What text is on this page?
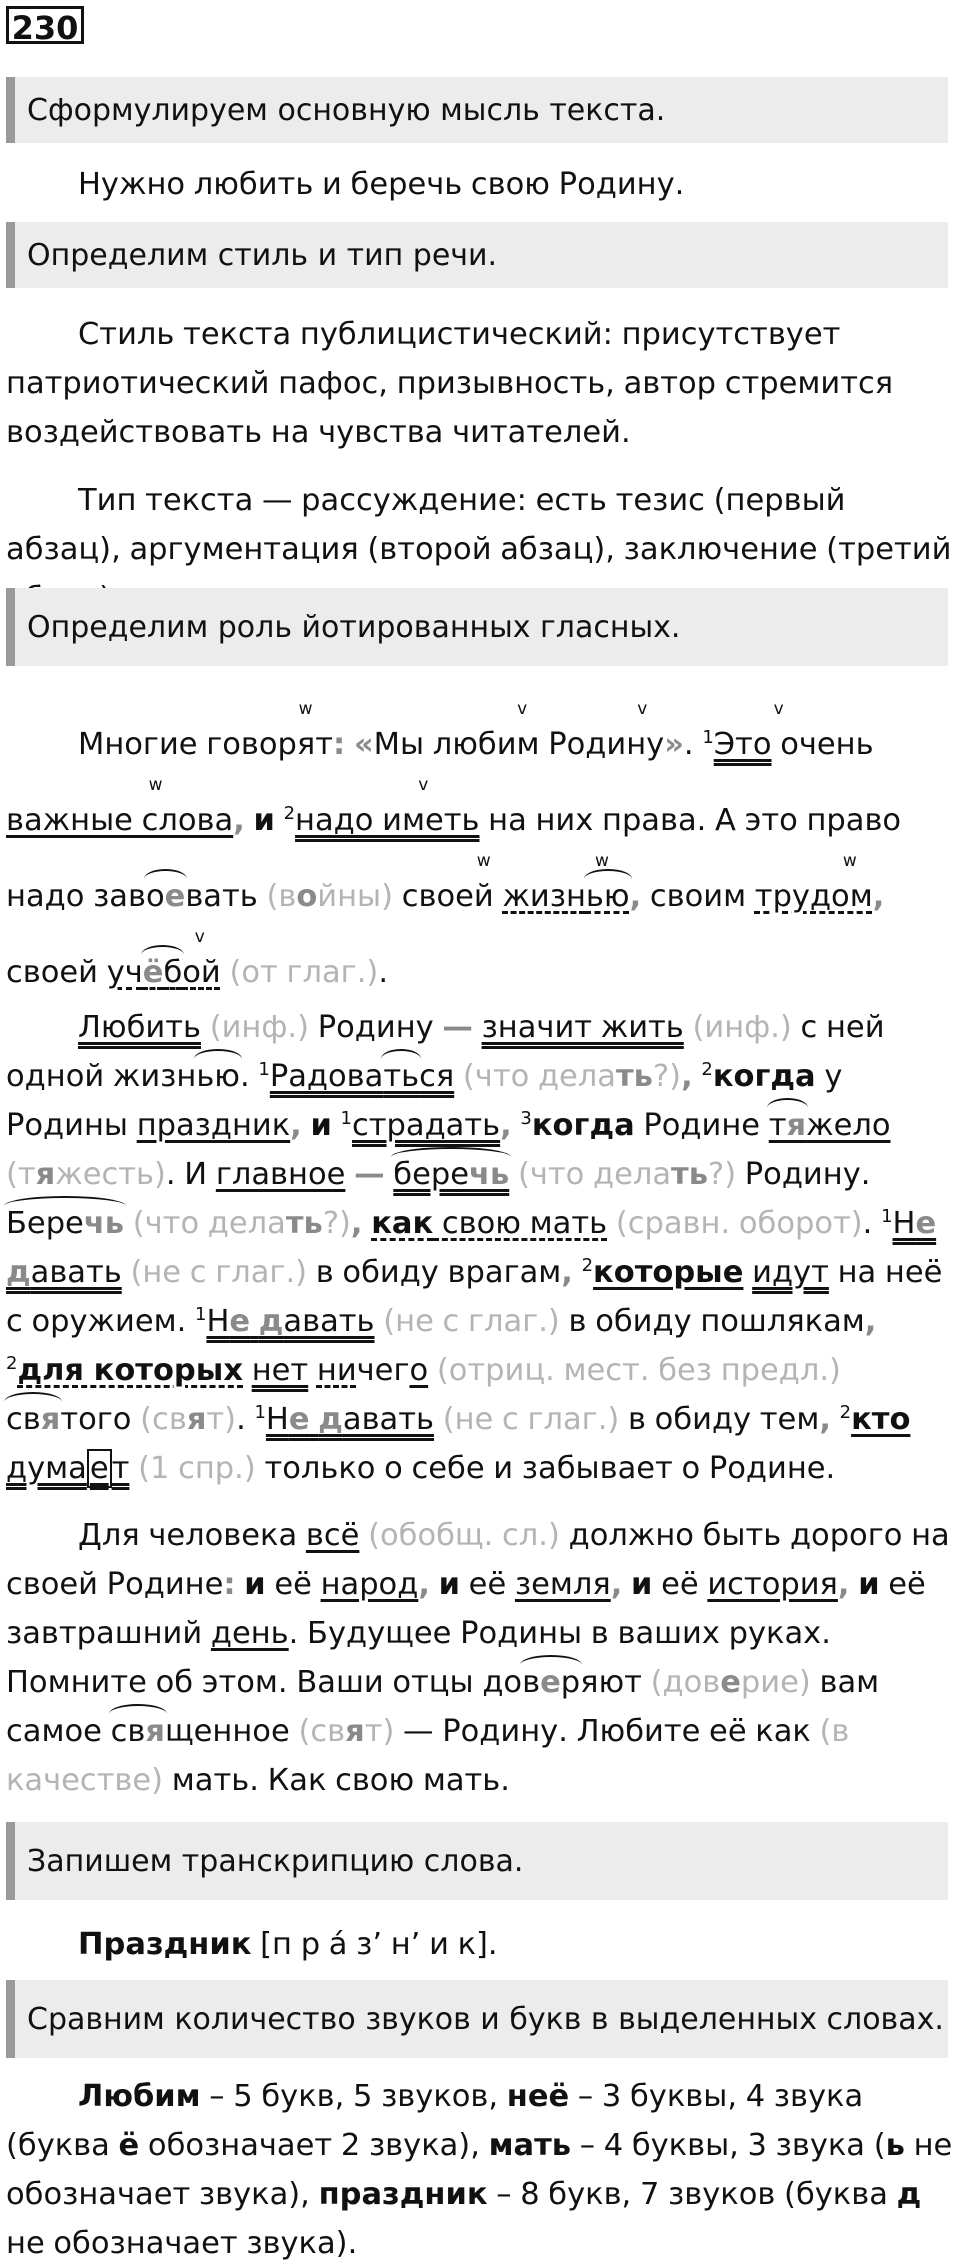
230
Сформулируем основную мысль текста.
Нужно любить и беречь свою Родину.
Определим стиль и тип речи.
Стиль текста публицистический: присутствует патриотический пафос, призывность, автор стремится воздействовать на чувства читателей.
Тип текста — рассуждение: есть тезис (первый абзац), аргументация (второй абзац), заключение (третий
Определим роль йотированных гласных.
Многие w говорят: «Мы v любим v Родину». $^1$v Это очень w важные слова, и $^2$v надо иметь на них права. А это право надо завоевать (войны) w своей w жизнью, своим w трудом, своей v учёбой (от глаг.).
Любить (инф.) Родину — значит жить (инф.) с ней одной жизнью. $^1$Радоваться (что делать?), $^2$когда у Родины праздник, и $^1$страдать, $^3$когда Родине тяжело (тяжесть). И главное — беречь (что делать?) Родину. Беречь (что делать?), как свою мать (сравн. оборот). $^1$Не давать (не с глаг.) в обиду врагам, $^2$которые идут на неё с оружием. $^1$Не давать (не с глаг.) в обиду пошлякам, $^2$для которых нет ничего (отриц. мест. без предл.) святого (свят). $^1$Не давать (не с глаг.) в обиду тем, $^2$кто думает (1 спр.) только о себе и забывает о Родине.
Для человека всё (обобщ. сл.) должно быть дорого на своей Родине: и её народ, и её земля, и её история, и её завтрашний день. Будущее Родины в ваших руках. Помните об этом. Ваши отцы доверяют (доверие) вам самое священное (свят) — Родину. Любите её как (в качестве) мать. Как свою мать.
Запишем транскрипцию слова.
Праздник [п р а́ з’ н’ и к].
Сравним количество звуков и букв в выделенных словах.
Любим – 5 букв, 5 звуков, неё – 3 буквы, 4 звука (буква ё обозначает 2 звука), мать – 4 буквы, 3 звука (ь не обозначает звука), праздник – 8 букв, 7 звуков (буква д не обозначает звука).
